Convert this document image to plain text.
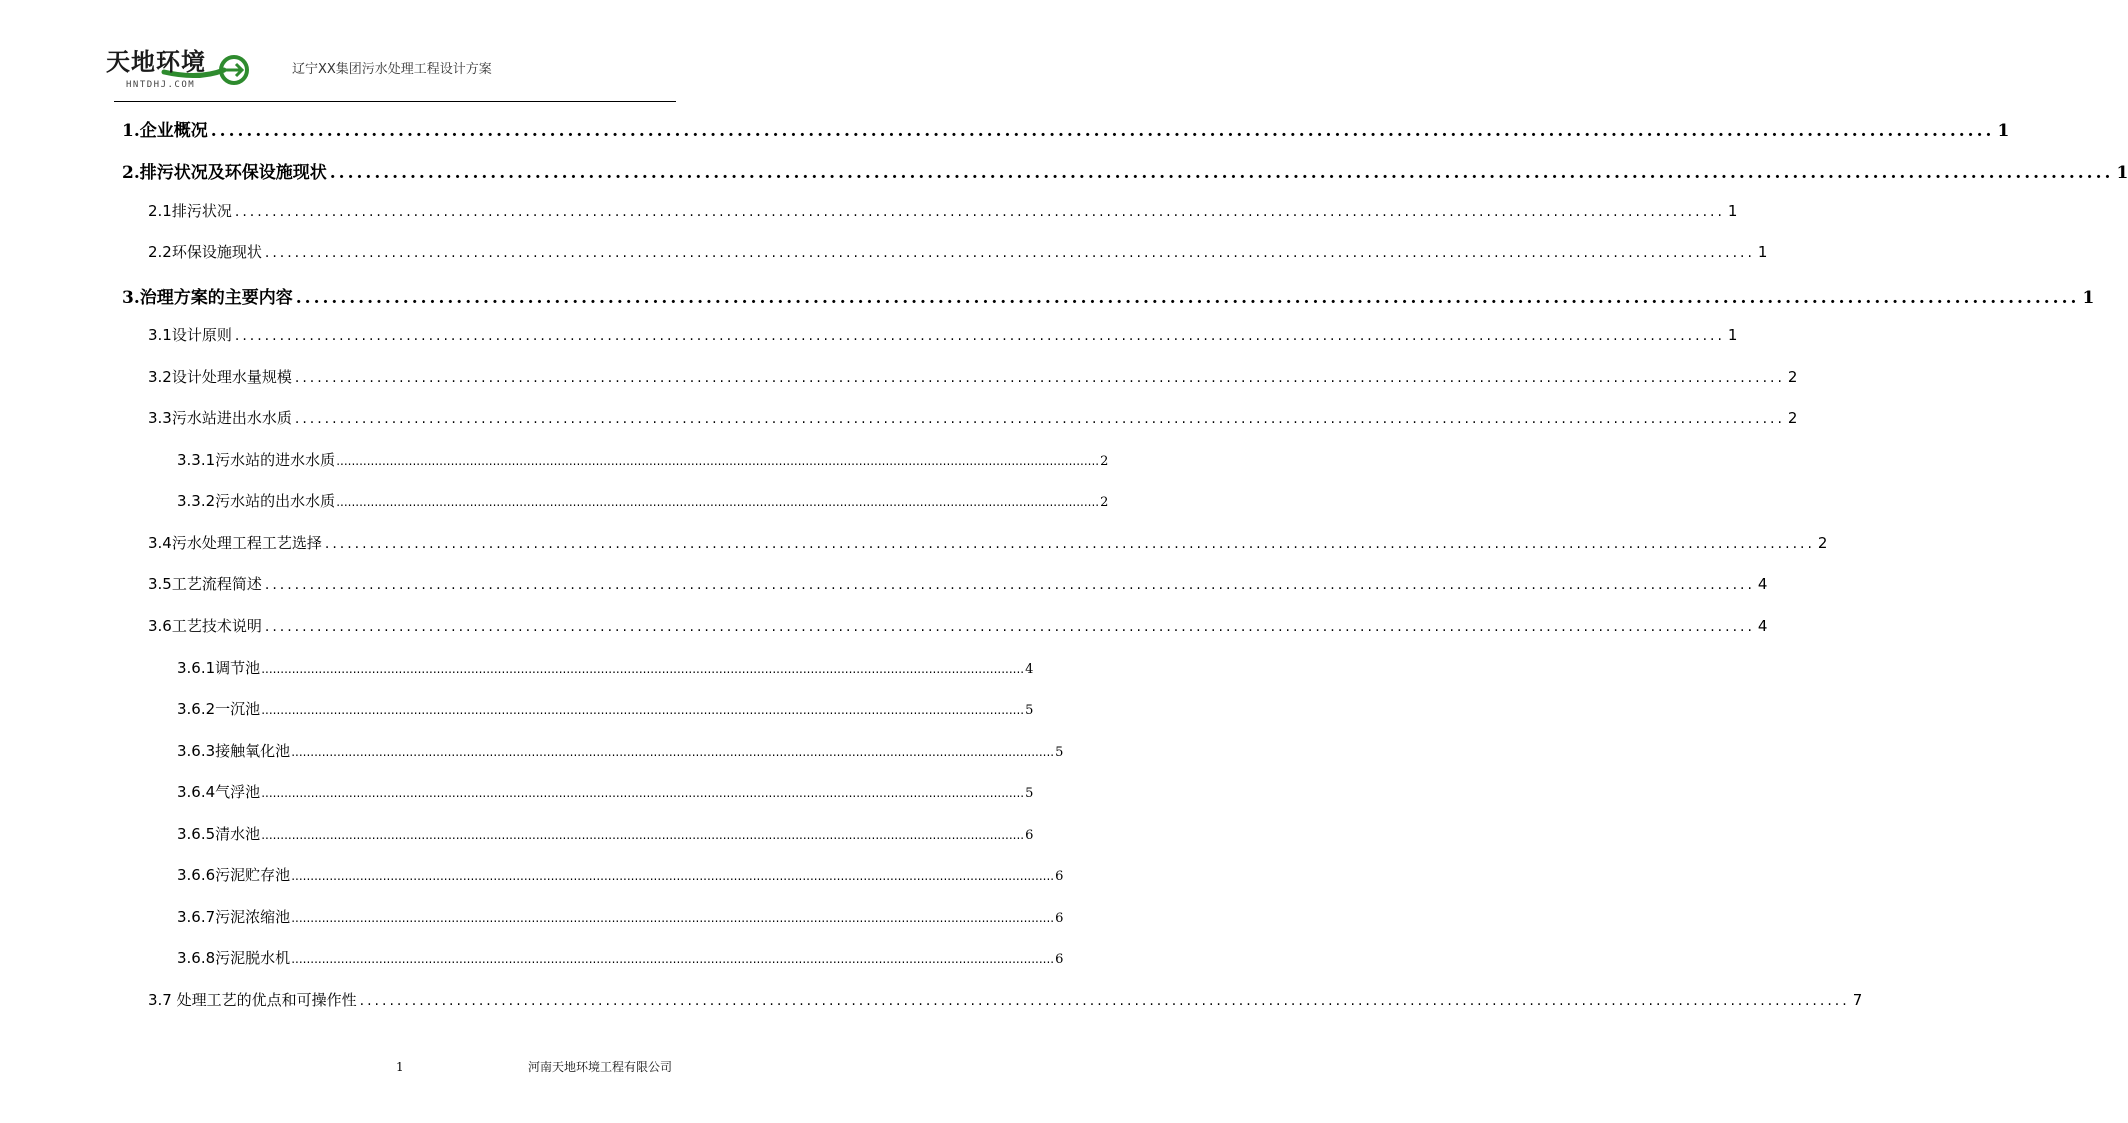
天地环境
HNTDHJ.COM
辽宁XX集团污水处理工程设计方案
1. 企业概况 ........................................................................................................................................................................................................ 1
2. 排污状况及环保设施现状 ........................................................................................................................................................................................................ 1
2.1 排污状况 ........................................................................................................................................................................................................ 1
2.2 环保设施现状 ........................................................................................................................................................................................................ 1
3. 治理方案的主要内容 ........................................................................................................................................................................................................ 1
3.1 设计原则 ........................................................................................................................................................................................................ 1
3.2 设计处理水量规模 ........................................................................................................................................................................................................ 2
3.3 污水站进出水水质 ........................................................................................................................................................................................................ 2
3.3.1 污水站的进水水质 ........................................................................................................................................................................................................ 2
3.3.2 污水站的出水水质 ........................................................................................................................................................................................................ 2
3.4 污水处理工程工艺选择 ........................................................................................................................................................................................................ 2
3.5 工艺流程简述 ........................................................................................................................................................................................................ 4
3.6 工艺技术说明 ........................................................................................................................................................................................................ 4
3.6.1 调节池 ........................................................................................................................................................................................................ 4
3.6.2 一沉池 ........................................................................................................................................................................................................ 5
3.6.3 接触氧化池 ........................................................................................................................................................................................................ 5
3.6.4 气浮池 ........................................................................................................................................................................................................ 5
3.6.5 清水池 ........................................................................................................................................................................................................ 6
3.6.6 污泥贮存池 ........................................................................................................................................................................................................ 6
3.6.7 污泥浓缩池 ........................................................................................................................................................................................................ 6
3.6.8 污泥脱水机 ........................................................................................................................................................................................................ 6
3.7 处理工艺的优点和可操作性 ........................................................................................................................................................................................................ 7
1	河南天地环境工程有限公司
